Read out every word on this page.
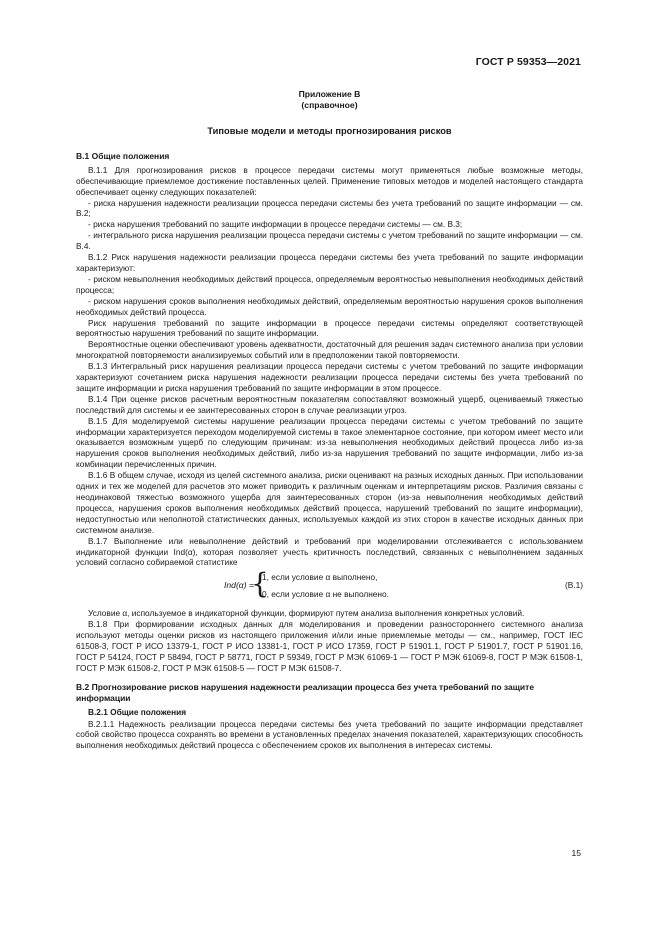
ГОСТ Р 59353—2021
Приложение В
(справочное)
Типовые модели и методы прогнозирования рисков
В.1 Общие положения

В.1.1 Для прогнозирования рисков в процессе передачи системы могут применяться любые возможные методы, обеспечивающие приемлемое достижение поставленных целей. Применение типовых методов и моделей настоящего стандарта обеспечивает оценку следующих показателей:

- риска нарушения надежности реализации процесса передачи системы без учета требований по защите информации — см. В.2;

- риска нарушения требований по защите информации в процессе передачи системы — см. В.3;

- интегрального риска нарушения реализации процесса передачи системы с учетом требований по защите информации — см. В.4.

В.1.2 Риск нарушения надежности реализации процесса передачи системы без учета требований по защите информации характеризуют:

- риском невыполнения необходимых действий процесса, определяемым вероятностью невыполнения необходимых действий процесса;

- риском нарушения сроков выполнения необходимых действий, определяемым вероятностью нарушения сроков выполнения необходимых действий процесса.

Риск нарушения требований по защите информации в процессе передачи системы определяют соответствующей вероятностью нарушения требований по защите информации.

Вероятностные оценки обеспечивают уровень адекватности, достаточный для решения задач системного анализа при условии многократной повторяемости анализируемых событий или в предположении такой повторяемости.

В.1.3 Интегральный риск нарушения реализации процесса передачи системы с учетом требований по защите информации характеризуют сочетанием риска нарушения надежности реализации процесса передачи системы без учета требований по защите информации и риска нарушения требований по защите информации в этом процессе.

В.1.4 При оценке рисков расчетным вероятностным показателям сопоставляют возможный ущерб, оцениваемый тяжестью последствий для системы и ее заинтересованных сторон в случае реализации угроз.

В.1.5 Для моделируемой системы нарушение реализации процесса передачи системы с учетом требований по защите информации характеризуется переходом моделируемой системы в такое элементарное состояние, при котором имеет место или оказывается возможным ущерб по следующим причинам: из-за невыполнения необходимых действий процесса либо из-за нарушения сроков выполнения необходимых действий, либо из-за нарушения требований по защите информации, либо из-за комбинации перечисленных причин.

В.1.6 В общем случае, исходя из целей системного анализа, риски оценивают на разных исходных данных. При использовании одних и тех же моделей для расчетов это может приводить к различным оценкам и интерпретациям рисков. Различия связаны с неодинаковой тяжестью возможного ущерба для заинтересованных сторон (из-за невыполнения необходимых действий процесса, нарушения сроков выполнения необходимых действий процесса, нарушений требований по защите информации), недоступностью или неполнотой статистических данных, используемых каждой из этих сторон в качестве исходных данных при системном анализе.

В.1.7 Выполнение или невыполнение действий и требований при моделировании отслеживается с использованием индикаторной функции Ind(α), которая позволяет учесть критичность последствий, связанных с невыполнением заданных условий согласно собираемой статистике

Ind(α) =
{
1, если условие α выполнено,
0, если условие α не выполнено.
(В.1)

Условие α, используемое в индикаторной функции, формируют путем анализа выполнения конкретных условий.

В.1.8 При формировании исходных данных для моделирования и проведении разностороннего системного анализа используют методы оценки рисков из настоящего приложения и/или иные приемлемые методы — см., например, ГОСТ IEC 61508-3, ГОСТ Р ИСО 13379-1, ГОСТ Р ИСО 13381-1, ГОСТ Р ИСО 17359, ГОСТ Р 51901.1, ГОСТ Р 51901.7, ГОСТ Р 51901.16, ГОСТ Р 54124, ГОСТ Р 58494, ГОСТ Р 58771, ГОСТ Р 59349, ГОСТ Р МЭК 61069-1 — ГОСТ Р МЭК 61069-8, ГОСТ Р МЭК 61508-1, ГОСТ Р МЭК 61508-2, ГОСТ Р МЭК 61508-5 — ГОСТ Р МЭК 61508-7.

В.2 Прогнозирование рисков нарушения надежности реализации процесса без учета требований по защите информации
В.2.1 Общие положения

В.2.1.1 Надежность реализации процесса передачи системы без учета требований по защите информации представляет собой свойство процесса сохранять во времени в установленных пределах значения показателей, характеризующих способность выполнения необходимых действий процесса с обеспечением сроков их выполнения в интересах системы.

15
